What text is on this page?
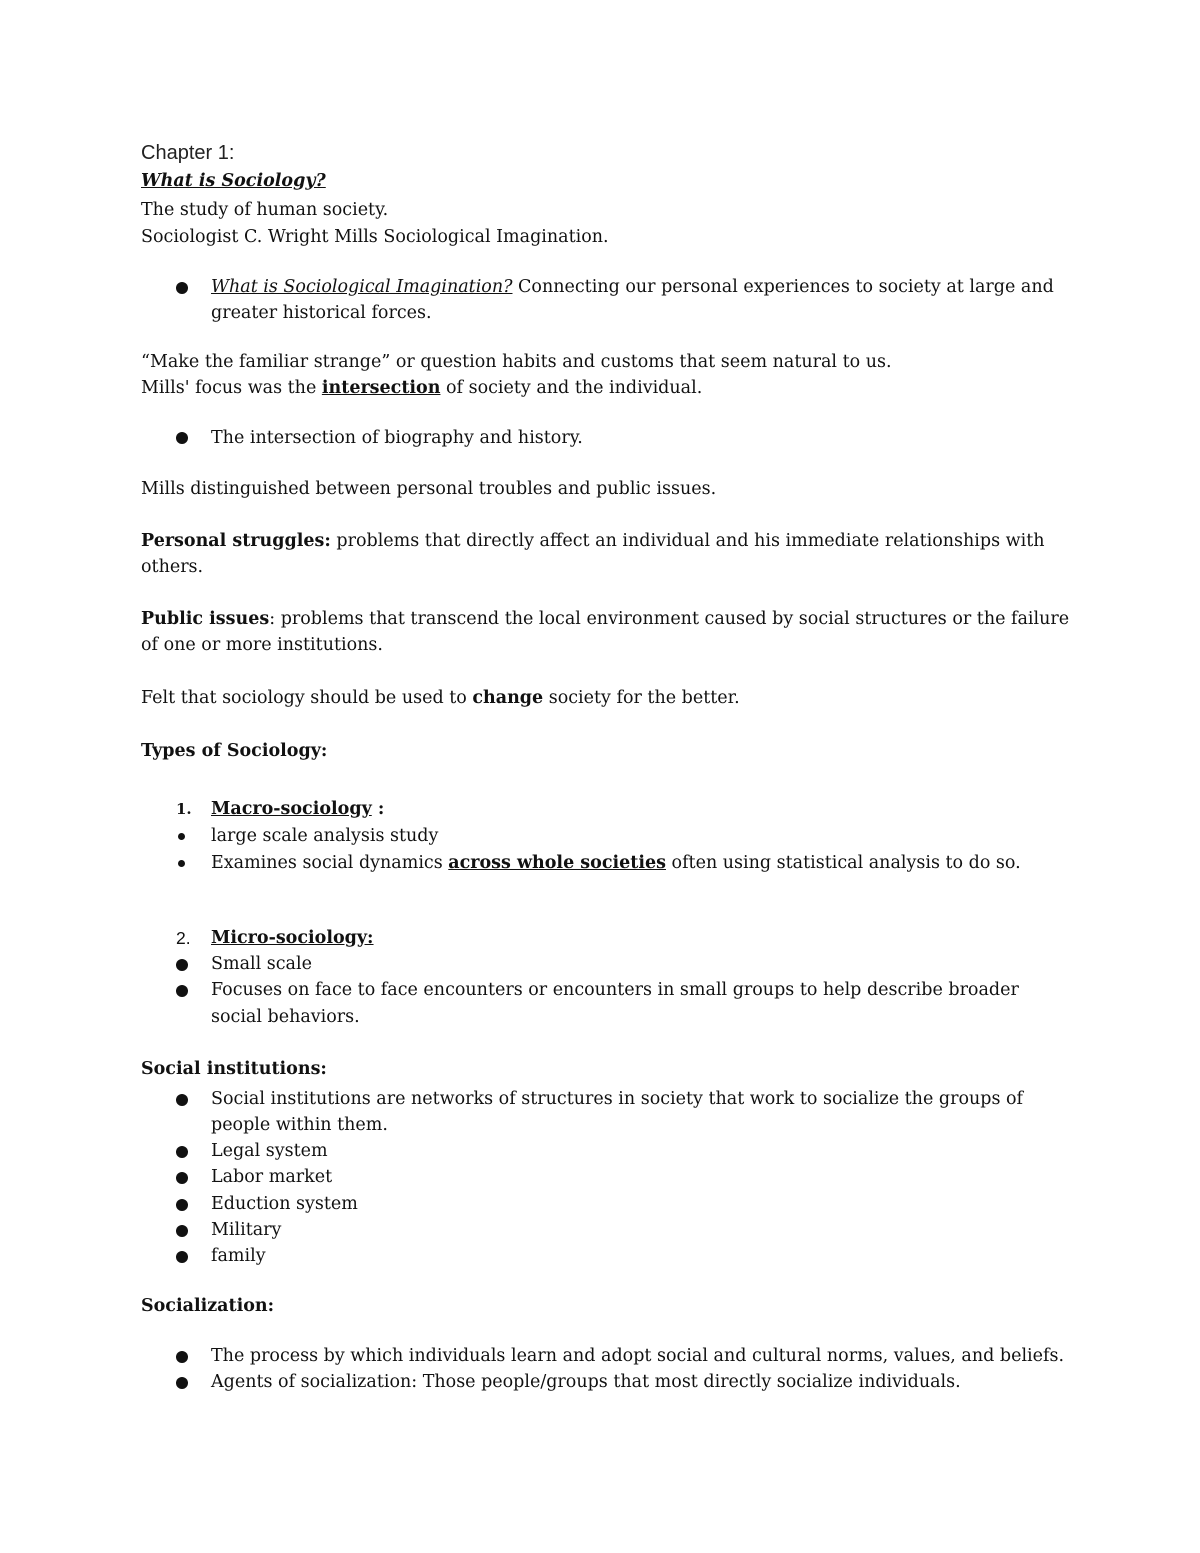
Chapter 1:
What is Sociology?
The study of human society.
Sociologist C. Wright Mills Sociological Imagination.
What is Sociological Imagination? Connecting our personal experiences to society at large and
greater historical forces.
“Make the familiar strange” or question habits and customs that seem natural to us.
Mills' focus was the intersection of society and the individual.
The intersection of biography and history.
Mills distinguished between personal troubles and public issues.
Personal struggles: problems that directly affect an individual and his immediate relationships with
others.
Public issues: problems that transcend the local environment caused by social structures or the failure
of one or more institutions.
Felt that sociology should be used to change society for the better.
Types of Sociology:
1. Macro-sociology :
large scale analysis study
Examines social dynamics across whole societies often using statistical analysis to do so.
2. Micro-sociology:
Small scale
Focuses on face to face encounters or encounters in small groups to help describe broader
social behaviors.
Social institutions:
Social institutions are networks of structures in society that work to socialize the groups of
people within them.
Legal system
Labor market
Eduction system
Military
family
Socialization:
The process by which individuals learn and adopt social and cultural norms, values, and beliefs.
Agents of socialization: Those people/groups that most directly socialize individuals.
